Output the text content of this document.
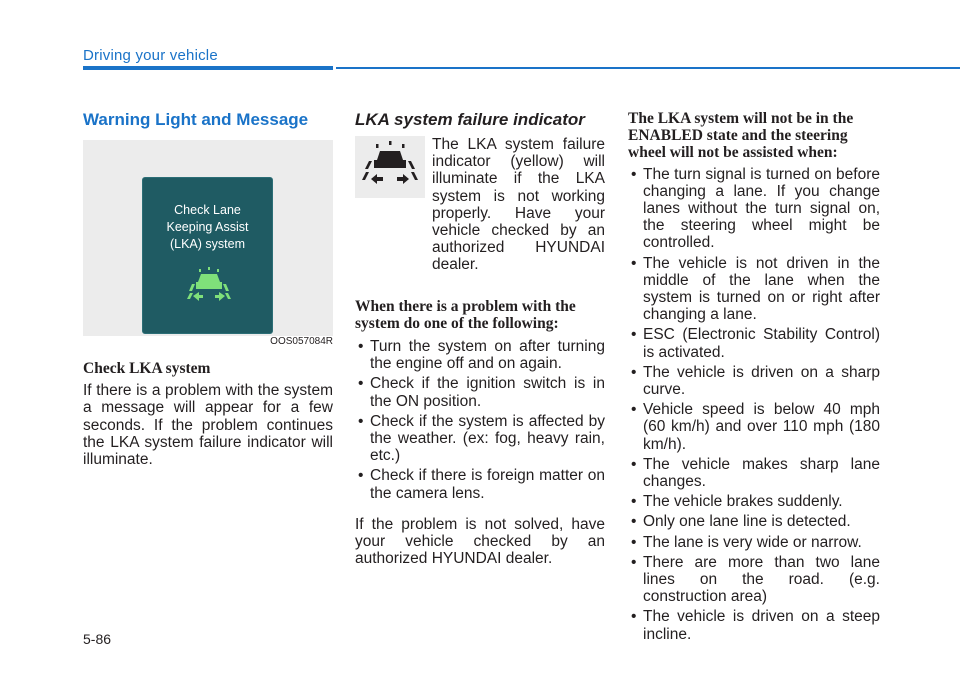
Driving your vehicle
Warning Light and Message
Check Lane
Keeping Assist
(LKA) system
OOS057084R
Check LKA system
If there is a problem with the system a message will appear for a few seconds. If the problem continues the LKA system failure indicator will illuminate.
LKA system failure indicator
The LKA system failure indicator (yellow) will illuminate if the LKA system is not working properly. Have your vehicle checked by an authorized HYUNDAI dealer.
When there is a problem with the system do one of the following:
• Turn the system on after turning the engine off and on again.
• Check if the ignition switch is in the ON position.
• Check if the system is affected by the weather. (ex: fog, heavy rain, etc.)
• Check if there is foreign matter on the camera lens.
If the problem is not solved, have your vehicle checked by an authorized HYUNDAI dealer.
The LKA system will not be in the ENABLED state and the steering wheel will not be assisted when:
• The turn signal is turned on before changing a lane. If you change lanes without the turn signal on, the steering wheel might be controlled.
• The vehicle is not driven in the middle of the lane when the system is turned on or right after changing a lane.
• ESC (Electronic Stability Control) is activated.
• The vehicle is driven on a sharp curve.
• Vehicle speed is below 40 mph (60 km/h) and over 110 mph (180 km/h).
• The vehicle makes sharp lane changes.
• The vehicle brakes suddenly.
• Only one lane line is detected.
• The lane is very wide or narrow.
• There are more than two lane lines on the road. (e.g. construction area)
• The vehicle is driven on a steep incline.
5-86
